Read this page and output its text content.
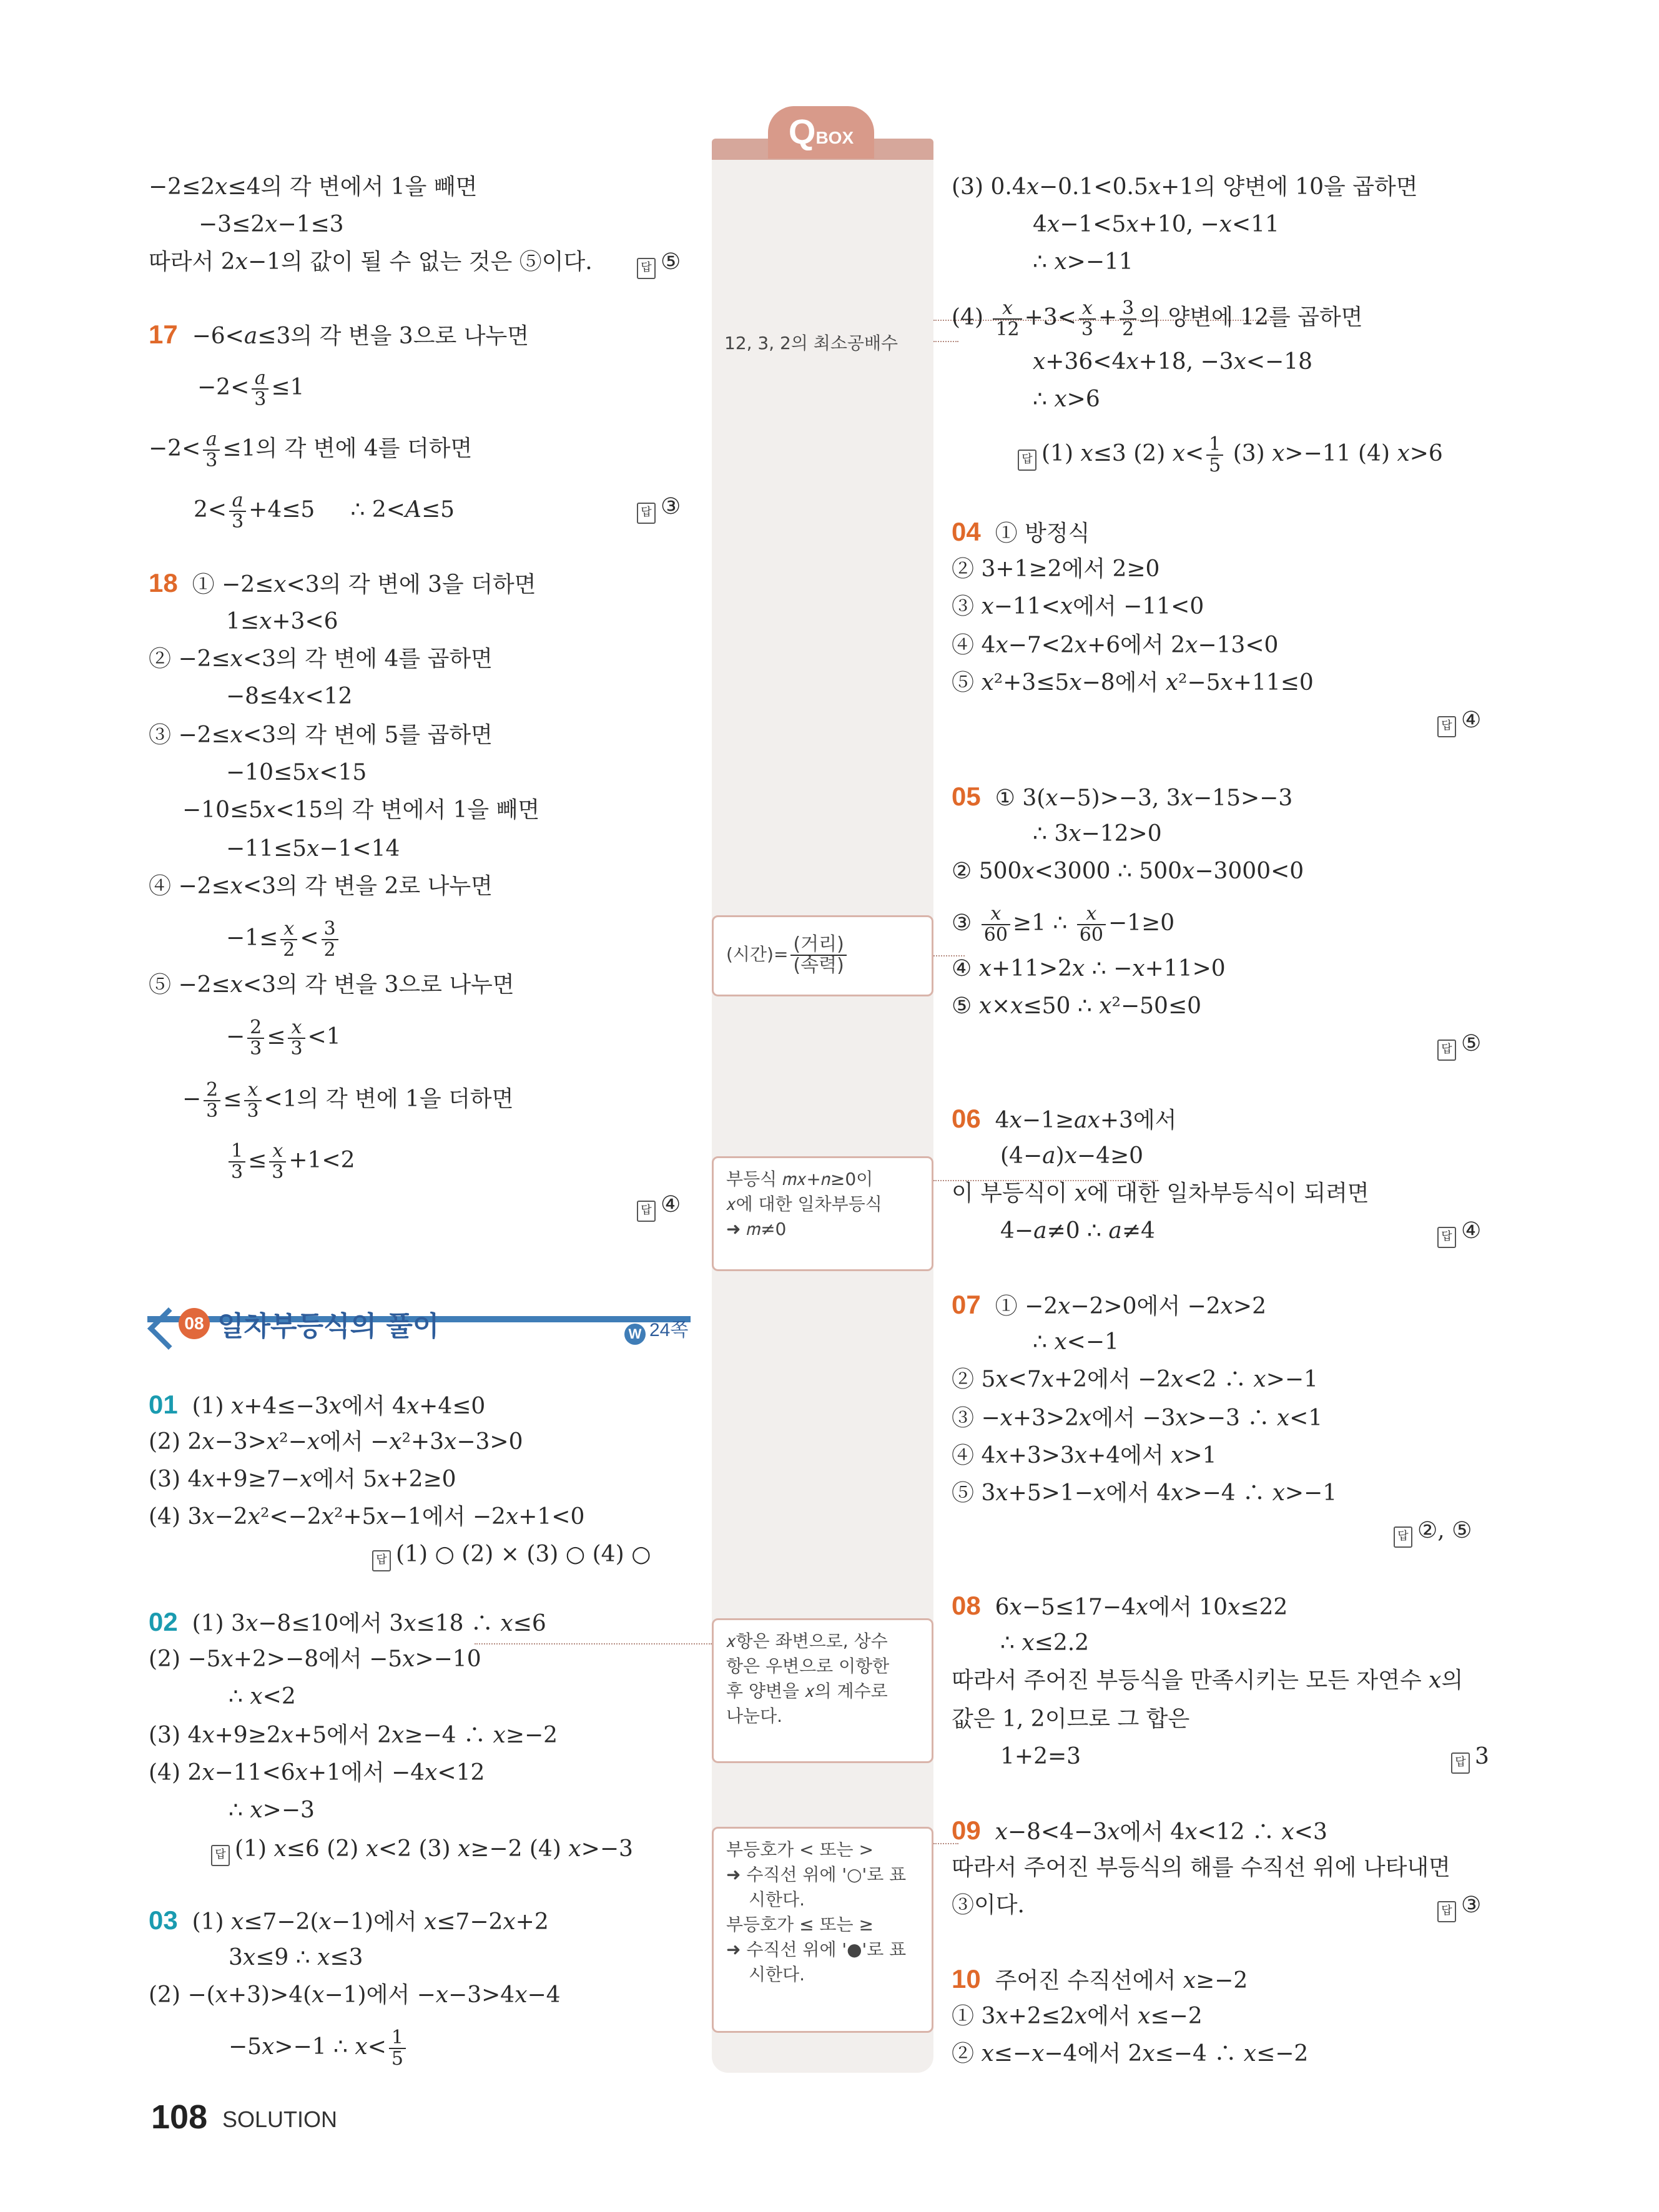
QBOX
12, 3, 2의 최소공배수
(시간)= $\frac{\text{(거리)}}{\text{(속력)}}$
부등식 𝑚𝑥+𝑛≥0이
𝑥에 대한 일차부등식
➜ 𝑚≠0
𝑥항은 좌변으로, 상수
항은 우변으로 이항한
후 양변을 𝑥의 계수로
나눈다.
부등호가 < 또는 >
➜ 수직선 위에 '○'로 표
시한다.
부등호가 ≤ 또는 ≥
➜ 수직선 위에 '●'로 표
시한다.
−2≤2𝑥≤4의 각 변에서 1을 빼면
−3≤2𝑥−1≤3
따라서 2𝑥−1의 값이 될 수 없는 것은 ⑤이다.	답 ⑤
17 −6<𝑎≤3의 각 변을 3으로 나누면
$-2< \frac{\text{𝑎}}{3} \le 1$
$-2< \frac{\text{𝑎}}{3} \le 1$의 각 변에 4를 더하면
$2< \frac{\text{𝑎}}{3} +4\le 5$ ∴ 2<𝐴≤5	답 ③
18 ① −2≤𝑥<3의 각 변에 3을 더하면
1≤𝑥+3<6
② −2≤𝑥<3의 각 변에 4를 곱하면
−8≤4𝑥<12
③ −2≤𝑥<3의 각 변에 5를 곱하면
−10≤5𝑥<15
−10≤5𝑥<15의 각 변에서 1을 빼면
−11≤5𝑥−1<14
④ −2≤𝑥<3의 각 변을 2로 나누면
$-1\le \frac{\text{𝑥}}{2} < \frac{3}{2}$
⑤ −2≤𝑥<3의 각 변을 3으로 나누면
− $\frac{2}{3} \le \frac{\text{𝑥}}{3} <1$
− $\frac{2}{3} \le \frac{\text{𝑥}}{3} <1$의 각 변에 1을 더하면
$\frac{1}{3} \le \frac{\text{𝑥}}{3} +1<2$
답 ④
08 일차부등식의 풀이	W 24쪽
01 (1) 𝑥+4≤−3𝑥에서 4𝑥+4≤0
(2) 2𝑥−3>𝑥²−𝑥에서 −𝑥²+3𝑥−3>0
(3) 4𝑥+9≥7−𝑥에서 5𝑥+2≥0
(4) 3𝑥−2𝑥²<−2𝑥²+5𝑥−1에서 −2𝑥+1<0
답 (1) ○ (2) × (3) ○ (4) ○
02 (1) 3𝑥−8≤10에서 3𝑥≤18 ∴ 𝑥≤6
(2) −5𝑥+2>−8에서 −5𝑥>−10
∴ 𝑥<2
(3) 4𝑥+9≥2𝑥+5에서 2𝑥≥−4 ∴ 𝑥≥−2
(4) 2𝑥−11<6𝑥+1에서 −4𝑥<12
∴ 𝑥>−3
답 (1) 𝑥≤6 (2) 𝑥<2 (3) 𝑥≥−2 (4) 𝑥>−3
03 (1) 𝑥≤7−2(𝑥−1)에서 𝑥≤7−2𝑥+2
3𝑥≤9 ∴ 𝑥≤3
(2) −(𝑥+3)>4(𝑥−1)에서 −𝑥−3>4𝑥−4
−5𝑥>−1 ∴ 𝑥< $\frac{1}{5}$
(3) 0.4𝑥−0.1<0.5𝑥+1의 양변에 10을 곱하면
4𝑥−1<5𝑥+10, −𝑥<11
∴ 𝑥>−11
$(4) \frac{\text{𝑥}}{12} +3< \frac{\text{𝑥}}{3} + \frac{3}{2}$ 의 양변에 12를 곱하면
𝑥+36<4𝑥+18, −3𝑥<−18
∴ 𝑥>6
답 (1) 𝑥≤3 (2) 𝑥< $\frac{1}{5} (3)$ 𝑥>−11 (4) 𝑥>6
04 ① 방정식
② 3+1≥2에서 2≥0
③ 𝑥−11<𝑥에서 −11<0
④ 4𝑥−7<2𝑥+6에서 2𝑥−13<0
⑤ 𝑥²+3≤5𝑥−8에서 𝑥²−5𝑥+11≤0
답 ④
05 ① 3(𝑥−5)>−3, 3𝑥−15>−3
∴ 3𝑥−12>0
② 500𝑥<3000 ∴ 500𝑥−3000<0
③ $\frac{\text{𝑥}}{60} \ge 1$ ∴ $\frac{\text{𝑥}}{60} -1\ge 0$
④ 𝑥+11>2𝑥 ∴ −𝑥+11>0
⑤ 𝑥×𝑥≤50 ∴ 𝑥²−50≤0
답 ⑤
06 4𝑥−1≥𝑎𝑥+3에서
(4−𝑎)𝑥−4≥0
이 부등식이 𝑥에 대한 일차부등식이 되려면
4−𝑎≠0 ∴ 𝑎≠4	답 ④
07 ① −2𝑥−2>0에서 −2𝑥>2
∴ 𝑥<−1
② 5𝑥<7𝑥+2에서 −2𝑥<2 ∴ 𝑥>−1
③ −𝑥+3>2𝑥에서 −3𝑥>−3 ∴ 𝑥<1
④ 4𝑥+3>3𝑥+4에서 𝑥>1
⑤ 3𝑥+5>1−𝑥에서 4𝑥>−4 ∴ 𝑥>−1
답 ②, ⑤
08 6𝑥−5≤17−4𝑥에서 10𝑥≤22
∴ 𝑥≤2.2
따라서 주어진 부등식을 만족시키는 모든 자연수 𝑥의
값은 1, 2이므로 그 합은
1+2=3	답 3
09 𝑥−8<4−3𝑥에서 4𝑥<12 ∴ 𝑥<3
따라서 주어진 부등식의 해를 수직선 위에 나타내면
③이다.	답 ③
10 주어진 수직선에서 𝑥≥−2
① 3𝑥+2≤2𝑥에서 𝑥≤−2
② 𝑥≤−𝑥−4에서 2𝑥≤−4 ∴ 𝑥≤−2
108 SOLUTION
